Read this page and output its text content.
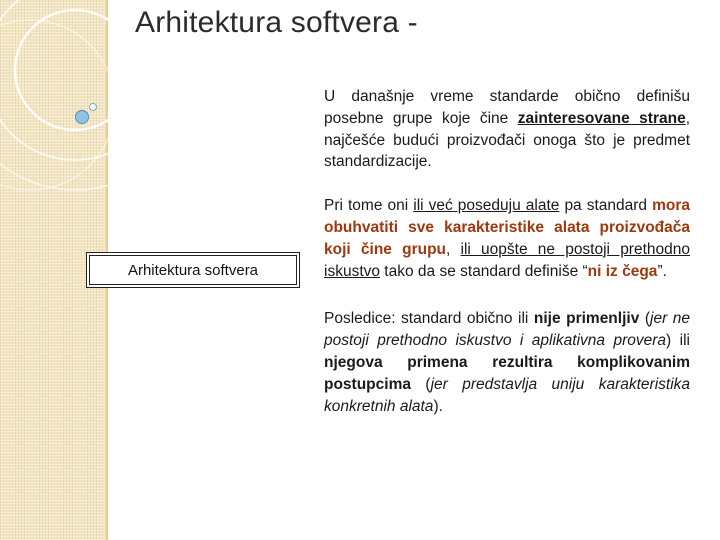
Arhitektura softvera -
Arhitektura softvera

U današnje vreme standarde obično definišu posebne grupe koje čine zainteresovane strane, najčešće budući proizvođači onoga što je predmet standardizacije.

Pri tome oni ili već poseduju alate pa standard mora obuhvatiti sve karakteristike alata proizvođača koji čine grupu, ili uopšte ne postoji prethodno iskustvo tako da se standard definiše “ni iz čega”.

Posledice: standard obično ili nije primenljiv (jer ne postoji prethodno iskustvo i aplikativna provera) ili njegova primena rezultira komplikovanim postupcima (jer predstavlja uniju karakteristika konkretnih alata).
